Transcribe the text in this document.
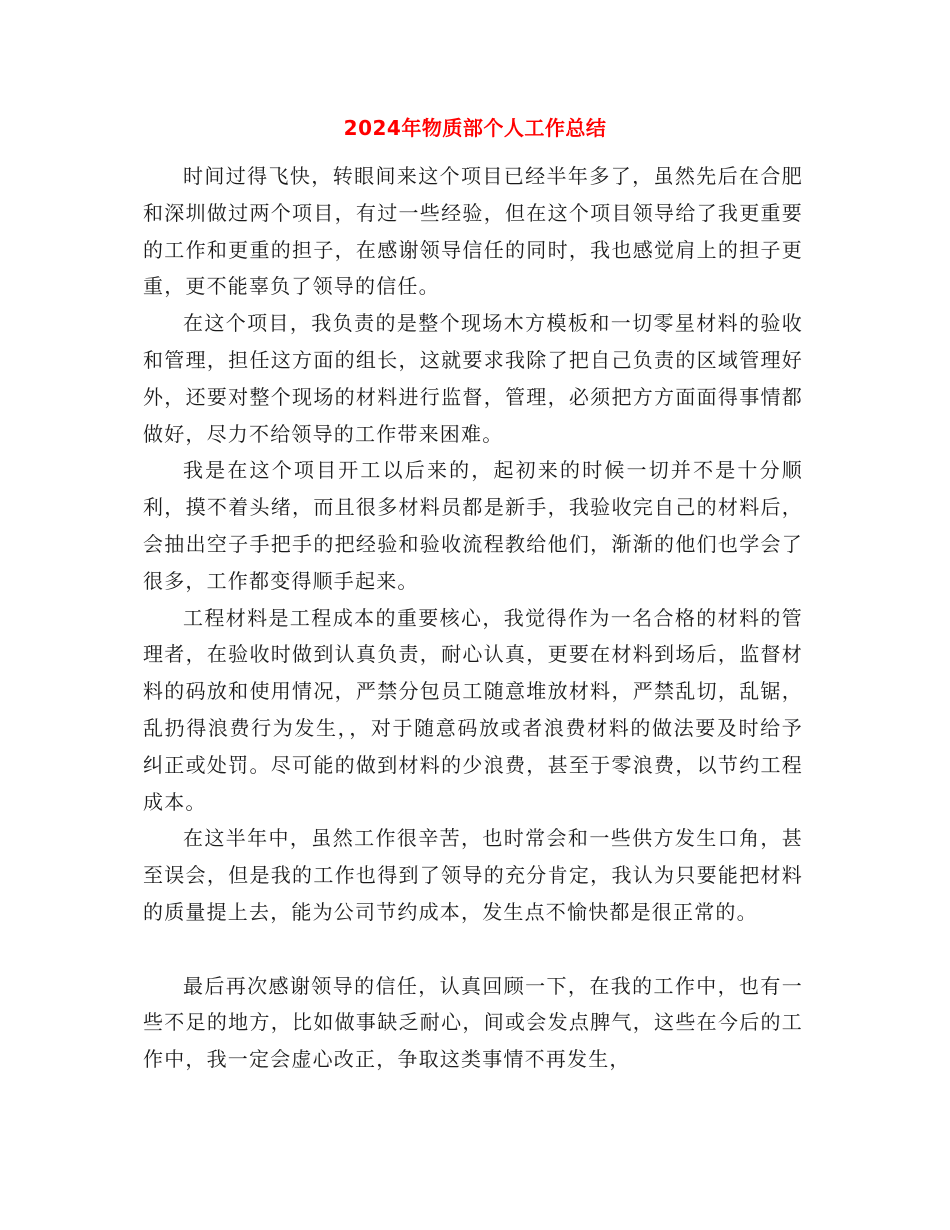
2024年物质部个人工作总结

时间过得飞快，转眼间来这个项目已经半年多了，虽然先后在合肥和深圳做过两个项目，有过一些经验，但在这个项目领导给了我更重要的工作和更重的担子，在感谢领导信任的同时，我也感觉肩上的担子更重，更不能辜负了领导的信任。

在这个项目，我负责的是整个现场木方模板和一切零星材料的验收和管理，担任这方面的组长，这就要求我除了把自己负责的区域管理好外，还要对整个现场的材料进行监督，管理，必须把方方面面得事情都做好，尽力不给领导的工作带来困难。

我是在这个项目开工以后来的，起初来的时候一切并不是十分顺利，摸不着头绪，而且很多材料员都是新手，我验收完自己的材料后，会抽出空子手把手的把经验和验收流程教给他们，渐渐的他们也学会了很多，工作都变得顺手起来。

工程材料是工程成本的重要核心，我觉得作为一名合格的材料的管理者，在验收时做到认真负责，耐心认真，更要在材料到场后，监督材料的码放和使用情况，严禁分包员工随意堆放材料，严禁乱切，乱锯，乱扔得浪费行为发生，，对于随意码放或者浪费材料的做法要及时给予纠正或处罚。尽可能的做到材料的少浪费，甚至于零浪费，以节约工程成本。

在这半年中，虽然工作很辛苦，也时常会和一些供方发生口角，甚至误会，但是我的工作也得到了领导的充分肯定，我认为只要能把材料的质量提上去，能为公司节约成本，发生点不愉快都是很正常的。

最后再次感谢领导的信任，认真回顾一下，在我的工作中，也有一些不足的地方，比如做事缺乏耐心，间或会发点脾气，这些在今后的工作中，我一定会虚心改正，争取这类事情不再发生，
